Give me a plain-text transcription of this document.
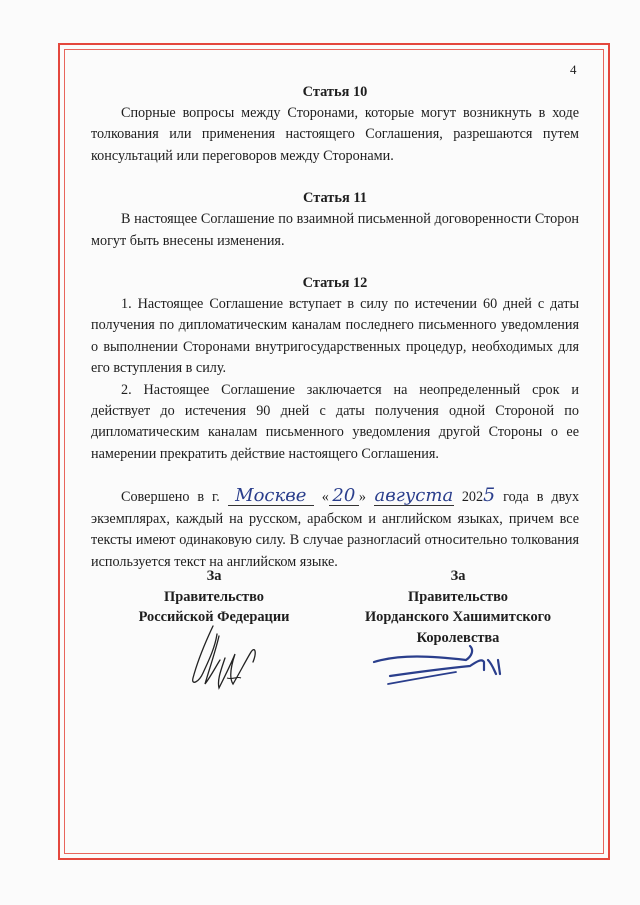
4
Статья 10

Спорные вопросы между Сторонами, которые могут возникнуть в ходе толкования или применения настоящего Соглашения, разрешаются путем консультаций или переговоров между Сторонами.

Статья 11

В настоящее Соглашение по взаимной письменной договоренности Сторон могут быть внесены изменения.

Статья 12

1. Настоящее Соглашение вступает в силу по истечении 60 дней с даты получения по дипломатическим каналам последнего письменного уведомления о выполнении Сторонами внутригосударственных процедур, необходимых для его вступления в силу.

2. Настоящее Соглашение заключается на неопределенный срок и действует до истечения 90 дней с даты получения одной Стороной по дипломатическим каналам письменного уведомления другой Стороны о ее намерении прекратить действие настоящего Соглашения.

Совершено в г. Москве « 20 » августа 2025 года в двух экземплярах, каждый на русском, арабском и английском языках, причем все тексты имеют одинаковую силу. В случае разногласий относительно толкования используется текст на английском языке.

За
Правительство
Российской Федерации
За
Правительство
Иорданского Хашимитского
Королевства
